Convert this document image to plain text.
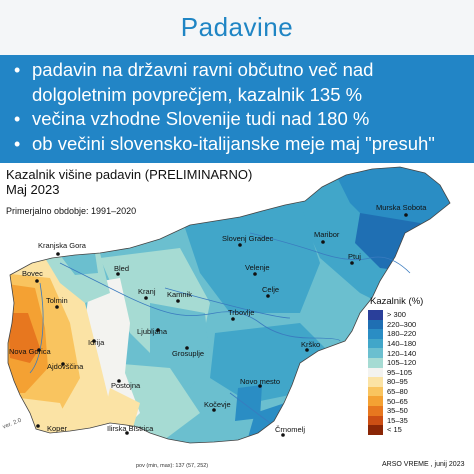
Padavine
• padavin na državni ravni občutno več nad
dolgoletnim povprečjem, kazalnik 135 %
• večina vzhodne Slovenije tudi nad 180 %
• ob večini slovensko-italijanske meje maj "presuh"
Murska Sobota
Maribor
Ptuj
Slovenj Gradec
Kranjska Gora
Bled
Bovec
Kranj Kamnik
Velenje
Celje
Tolmin
Ljubljana
Trbovlje
Idrija
Nova Gorica
Ajdovščina
Grosuplje
Krško
Postojna	Novo mesto
Kočevje
Koper	Ilirska Bistrica	Črnomelj
Kazalnik višine padavin (PRELIMINARNO)
Maj 2023
Primerjalno obdobje: 1991–2020
Kazalnik (%)
> 300
220–300
180–220
140–180
120–140
105–120
95–105
80–95
65–80
50–65
35–50
15–35
< 15
ver. 2.0
pov (min, max): 137 (57, 252)	ARSO VREME , junij 2023
